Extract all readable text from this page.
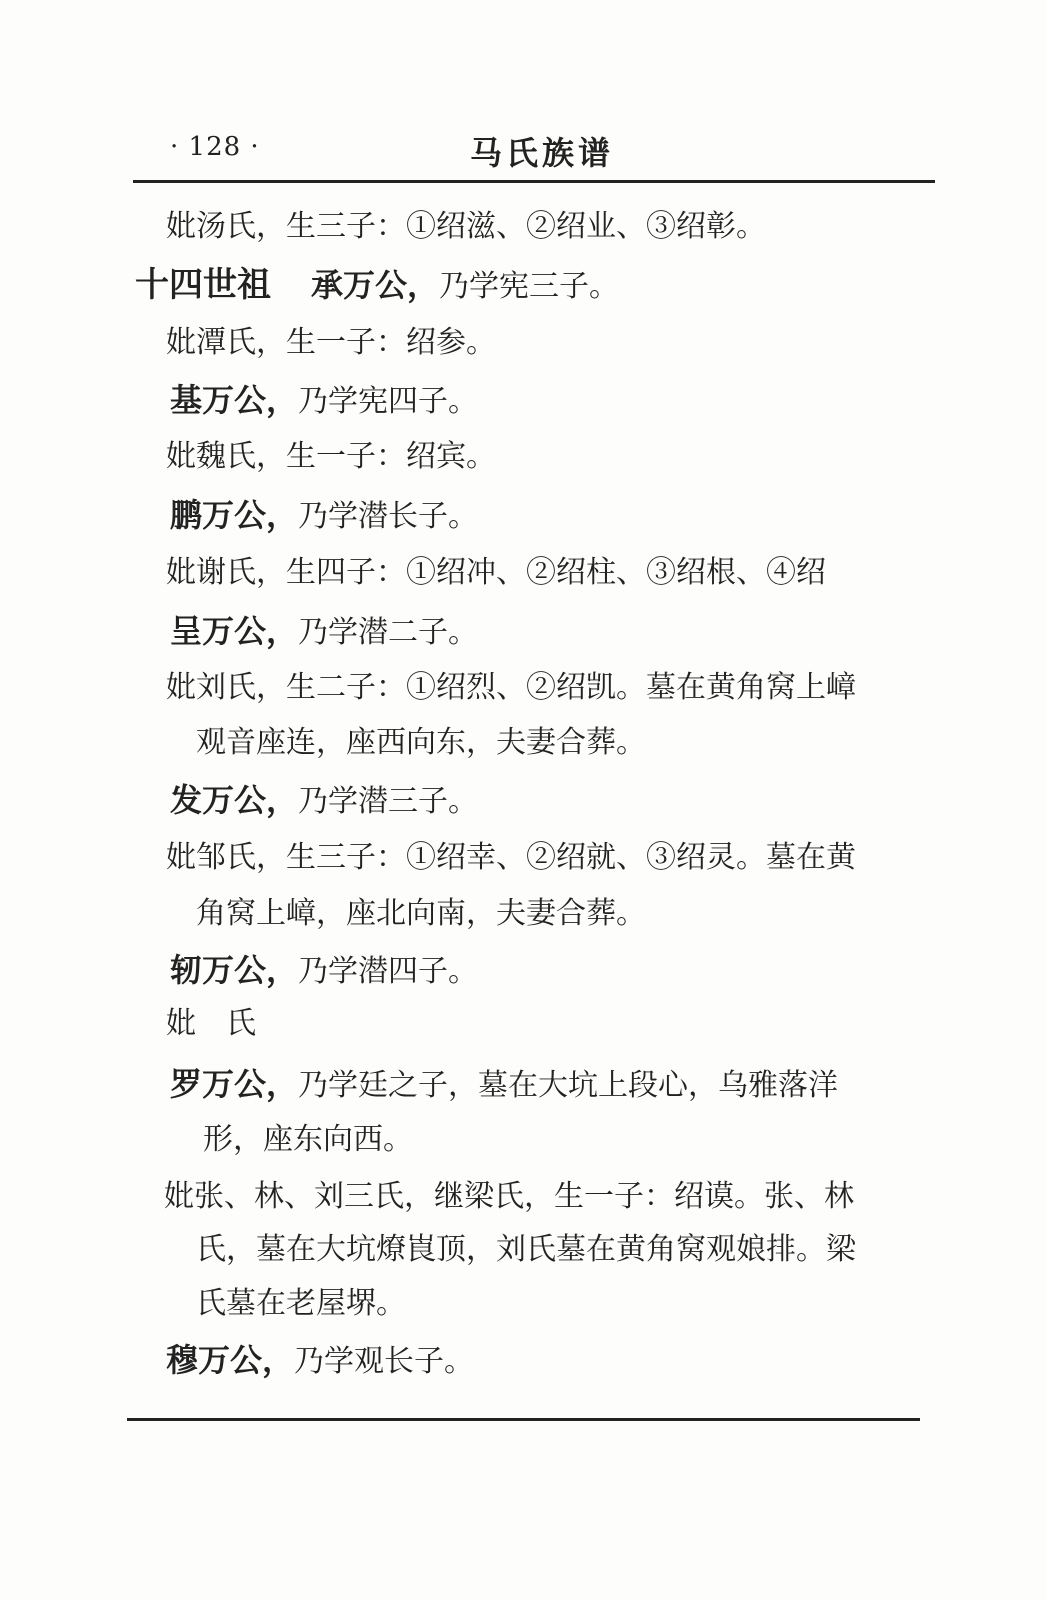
· 128 ·	马氏族谱
妣汤氏，生三子：①绍滋、②绍业、③绍彰。
十四世祖 承万公，乃学宪三子。
妣潭氏，生一子：绍参。
基万公，乃学宪四子。
妣魏氏，生一子：绍宾。
鹏万公，乃学潜长子。
妣谢氏，生四子：①绍冲、②绍柱、③绍根、④绍
呈万公，乃学潜二子。
妣刘氏，生二子：①绍烈、②绍凯。墓在黄角窝上嶂
观音座连，座西向东，夫妻合葬。
发万公，乃学潜三子。
妣邹氏，生三子：①绍幸、②绍就、③绍灵。墓在黄
角窝上嶂，座北向南，夫妻合葬。
轫万公，乃学潜四子。
妣　氏
罗万公，乃学廷之子，墓在大坑上段心，乌雅落洋
形，座东向西。
妣张、林、刘三氏，继梁氏，生一子：绍谟。张、林
氏，墓在大坑燎崀顶，刘氏墓在黄角窝观娘排。梁
氏墓在老屋堺。
穆万公，乃学观长子。
